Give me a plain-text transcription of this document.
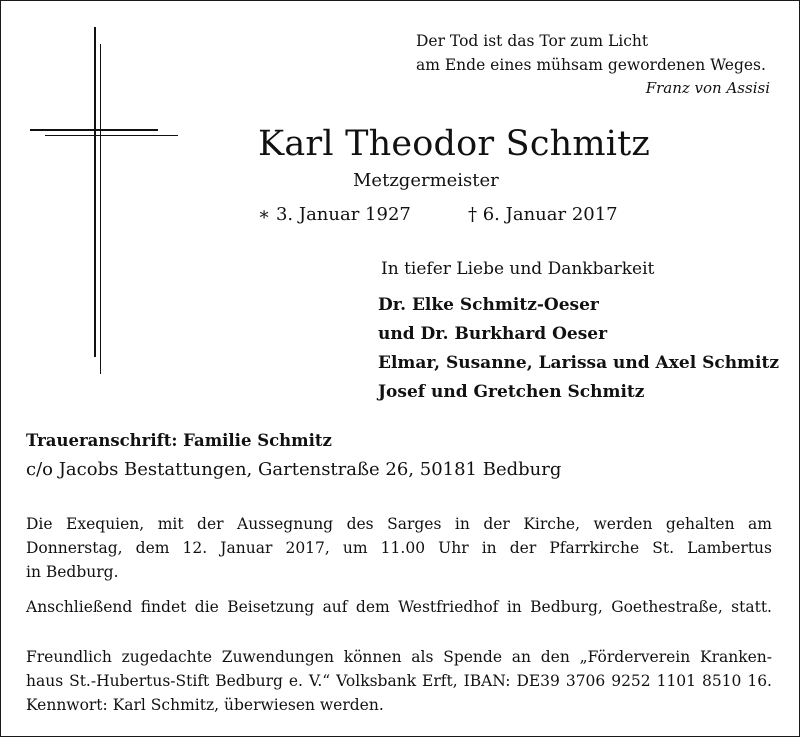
Der Tod ist das Tor zum Licht
am Ende eines mühsam gewordenen Weges.
Franz von Assisi
Karl Theodor Schmitz
Metzgermeister
∗ 3. Januar 1927	† 6. Januar 2017
In tiefer Liebe und Dankbarkeit
Dr. Elke Schmitz-Oeser
und Dr. Burkhard Oeser
Elmar, Susanne, Larissa und Axel Schmitz
Josef und Gretchen Schmitz
Traueranschrift: Familie Schmitz
c/o Jacobs Bestattungen, Gartenstraße 26, 50181 Bedburg
Die Exequien, mit der Aussegnung des Sarges in der Kirche, werden gehalten am
Donnerstag, dem 12. Januar 2017, um 11.00 Uhr in der Pfarrkirche St. Lambertus
in Bedburg.
Anschließend findet die Beisetzung auf dem Westfriedhof in Bedburg, Goethestraße, statt.
Freundlich zugedachte Zuwendungen können als Spende an den „Förderverein Kranken-
haus St.-Hubertus-Stift Bedburg e. V.“ Volksbank Erft, IBAN: DE39 3706 9252 1101 8510 16.
Kennwort: Karl Schmitz, überwiesen werden.
